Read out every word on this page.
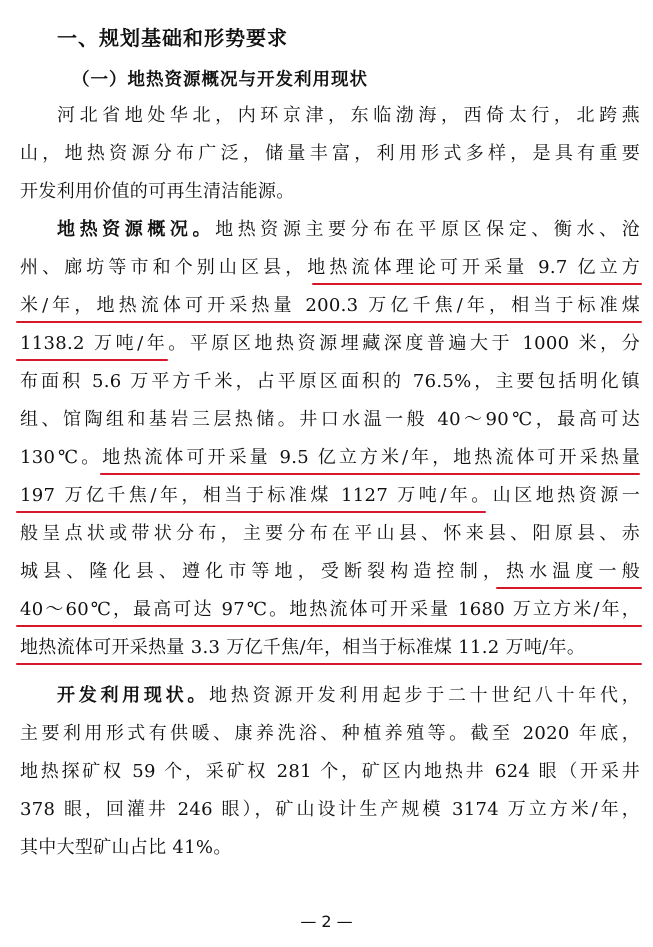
一、规划基础和形势要求
（一）地热资源概况与开发利用现状
河北省地处华北，内环京津，东临渤海，西倚太行，北跨燕
山，地热资源分布广泛，储量丰富，利用形式多样，是具有重要
开发利用价值的可再生清洁能源。
地热资源概况。地热资源主要分布在平原区保定、衡水、沧
州、廊坊等市和个别山区县，地热流体理论可开采量 9.7 亿立方
米/年，地热流体可开采热量 200.3 万亿千焦/年，相当于标准煤
1138.2 万吨/年。平原区地热资源埋藏深度普遍大于 1000 米，分
布面积 5.6 万平方千米，占平原区面积的 76.5%，主要包括明化镇
组、馆陶组和基岩三层热储。井口水温一般 40～90℃，最高可达
130℃。地热流体可开采量 9.5 亿立方米/年，地热流体可开采热量
197 万亿千焦/年，相当于标准煤 1127 万吨/年。山区地热资源一
般呈点状或带状分布，主要分布在平山县、怀来县、阳原县、赤
城县、隆化县、遵化市等地，受断裂构造控制，热水温度一般
40～60℃，最高可达 97℃。地热流体可开采量 1680 万立方米/年，
地热流体可开采热量 3.3 万亿千焦/年，相当于标准煤 11.2 万吨/年。
开发利用现状。地热资源开发利用起步于二十世纪八十年代，
主要利用形式有供暖、康养洗浴、种植养殖等。截至 2020 年底，
地热探矿权 59 个，采矿权 281 个，矿区内地热井 624 眼（开采井
378 眼，回灌井 246 眼），矿山设计生产规模 3174 万立方米/年，
其中大型矿山占比 41%。
— 2 —
